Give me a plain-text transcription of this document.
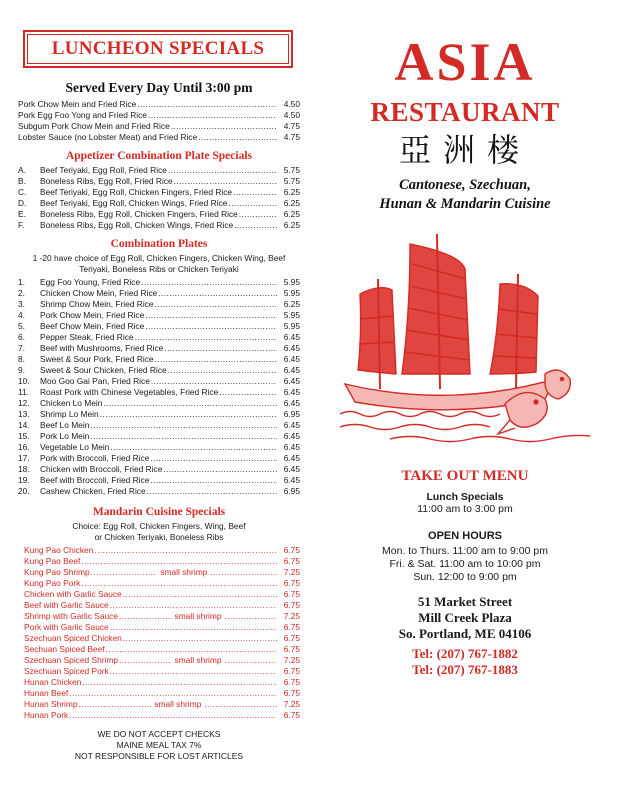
LUNCHEON SPECIALS
Served Every Day Until 3:00 pm
Pork Chow Mein and Fried Rice .....	4.50
Pork Egg Foo Yong and Fried Rice .....	4.50
Subgum Pork Chow Mein and Fried Rice .....	4.75
Lobster Sauce (no Lobster Meat) and Fried Rice .....	4.75
Appetizer Combination Plate Specials
A.	Beef Teriyaki, Egg Roll, Fried Rice .....	5.75
B.	Boneless Ribs, Egg Roll, Fried Rice .....	5.75
C.	Beef Teriyaki, Egg Roll, Chicken Fingers, Fried Rice .....	6.25
D.	Beef Teriyaki, Egg Roll, Chicken Wings, Fried Rice .....	6.25
E.	Boneless Ribs, Egg Roll, Chicken Fingers, Fried Rice .....	6.25
F.	Boneless Ribs, Egg Roll, Chicken Wings, Fried Rice .....	6.25
Combination Plates
1 -20 have choice of Egg Roll, Chicken Fingers, Chicken Wing, Beef Teriyaki, Boneless Ribs or Chicken Teriyaki
1.	Egg Foo Young, Fried Rice .....	5.95
2.	Chicken Chow Mein, Fried Rice .....	5.95
3.	Shrimp Chow Mein, Fried Rice .....	6.25
4.	Pork Chow Mein, Fried Rice .....	5.95
5.	Beef Chow Mein, Fried Rice .....	5.95
6.	Pepper Steak, Fried Rice .....	6.45
7.	Beef with Mushrooms, Fried Rice .....	6.45
8.	Sweet & Sour Pork, Fried Rice .....	6.45
9.	Sweet & Sour Chicken, Fried Rice .....	6.45
10.	Moo Goo Gai Pan, Fried Rice .....	6.45
11.	Roast Pork with Chinese Vegetables, Fried Rice .....	6.45
12.	Chicken Lo Mein .....	6.45
13.	Shrimp Lo Mein .....	6.95
14.	Beef Lo Mein .....	6.45
15.	Pork Lo Mein .....	6.45
16.	Vegetable Lo Mein .....	6.45
17.	Pork with Broccoli, Fried Rice .....	6.45
18.	Chicken with Broccoli, Fried Rice .....	6.45
19.	Beef with Broccoli, Fried Rice .....	6.45
20.	Cashew Chicken, Fried Rice .....	6.95
Mandarin Cuisine Specials
Choice: Egg Roll, Chicken Fingers, Wing, Beef or Chicken Teriyaki, Boneless Ribs
Kung Pao Chicken .....	6.75
Kung Pao Beef .....	6.75
Kung Pao Shrimp .....	small shrimp .....	7.25
Kung Pao Pork .....	6.75
Chicken with Garlic Sauce .....	6.75
Beef with Garlic Sauce .....	6.75
Shrimp with Garlic Sauce .....	small shrimp .....	7.25
Pork with Garlic Sauce .....	6.75
Szechuan Spiced Chicken .....	6.75
Sechuan Spiced Beef .....	6.75
Szechuan Spiced Shrimp .....	small shrimp .....	7.25
Szechuan Spiced Pork .....	6.75
Hunan Chicken .....	6.75
Hunan Beef .....	6.75
Hunan Shrimp .....	small shrimp .....	7.25
Hunan Pork .....	6.75
WE DO NOT ACCEPT CHECKS
MAINE MEAL TAX 7%
NOT RESPONSIBLE FOR LOST ARTICLES
ASIA
RESTAURANT
亞洲楼
Cantonese, Szechuan,
Hunan & Mandarin Cuisine
TAKE OUT MENU
Lunch Specials
11:00 am to 3:00 pm
OPEN HOURS
Mon. to Thurs. 11:00 am to 9:00 pm
Fri. & Sat. 11:00 am to 10:00 pm
Sun. 12:00 to 9:00 pm
51 Market Street
Mill Creek Plaza
So. Portland, ME 04106
Tel: (207) 767-1882
Tel: (207) 767-1883
